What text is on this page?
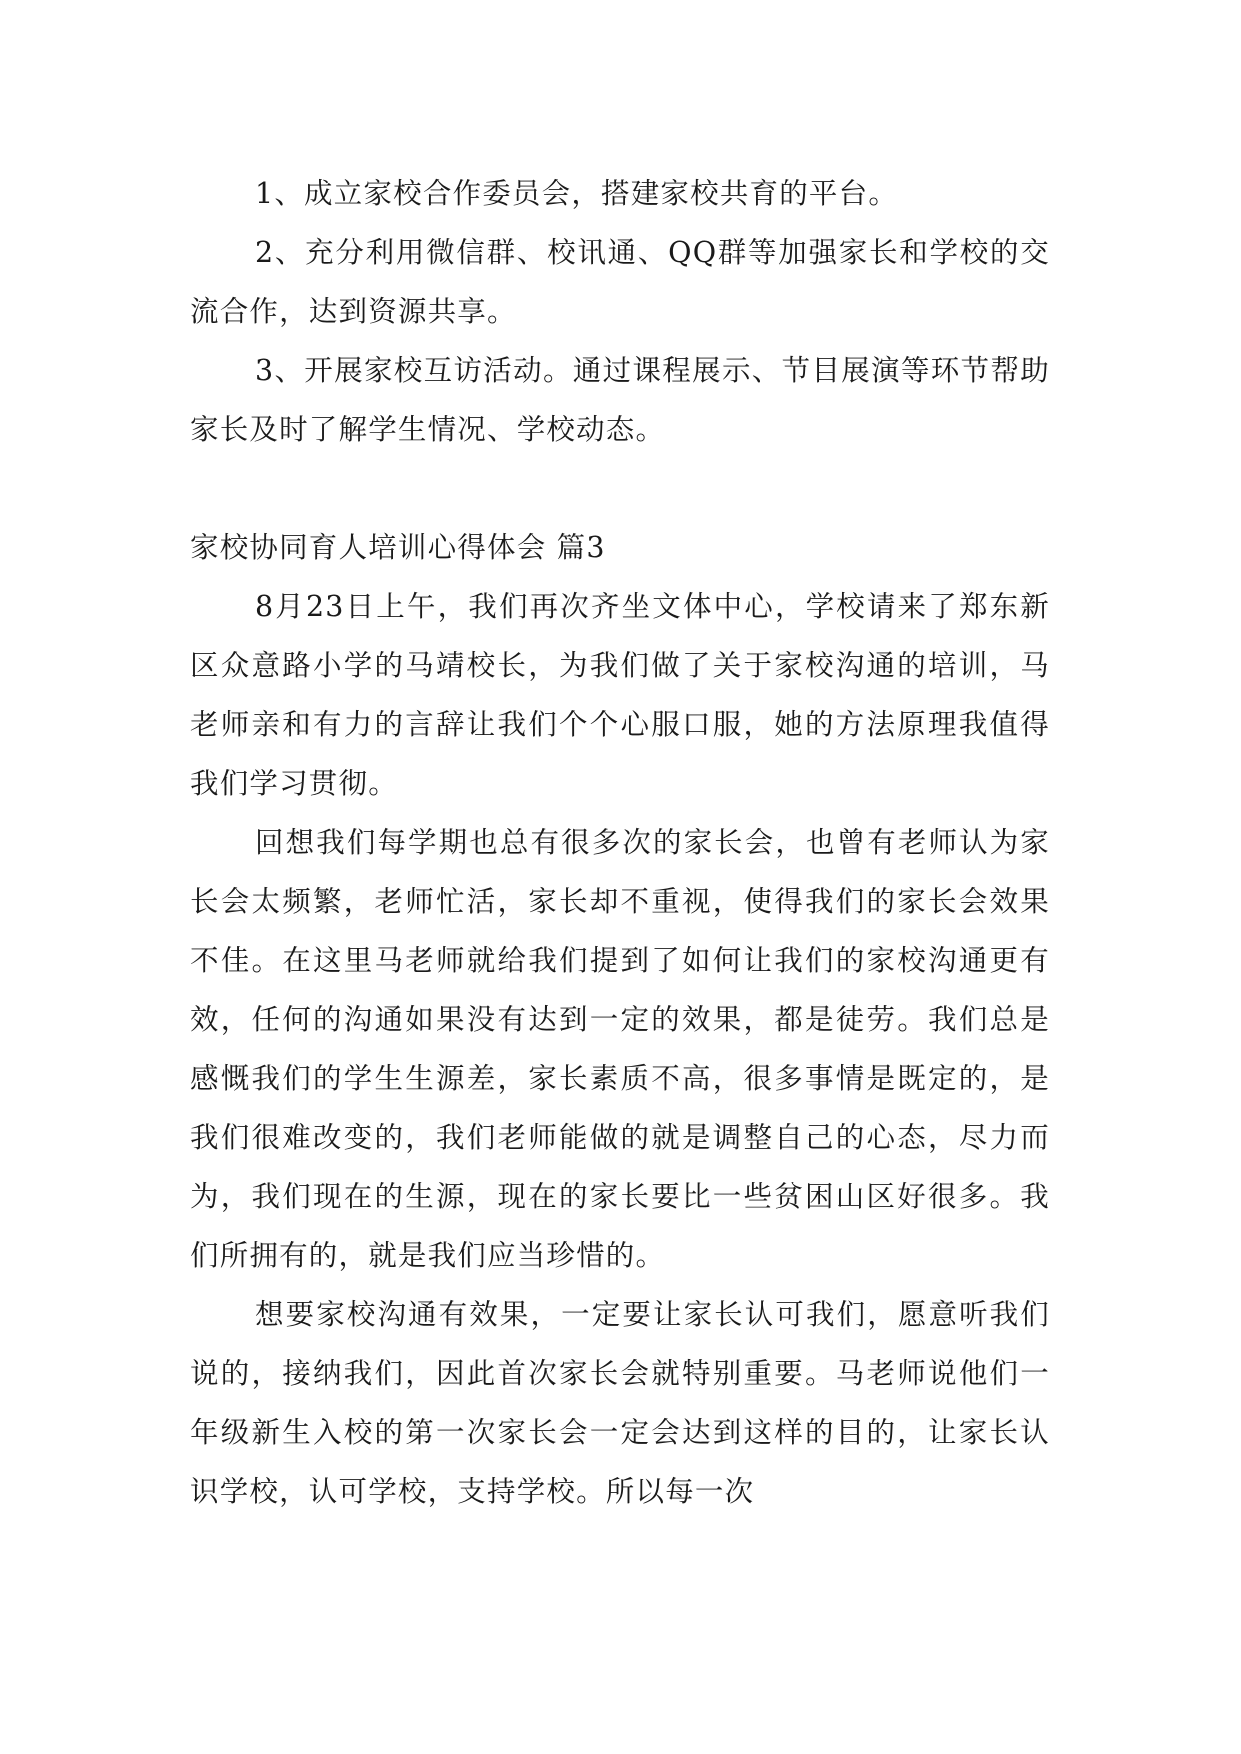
1、成立家校合作委员会，搭建家校共育的平台。

2、充分利用微信群、校讯通、QQ群等加强家长和学校的交流合作，达到资源共享。

3、开展家校互访活动。通过课程展示、节目展演等环节帮助家长及时了解学生情况、学校动态。

家校协同育人培训心得体会 篇3

8月23日上午，我们再次齐坐文体中心，学校请来了郑东新区众意路小学的马靖校长，为我们做了关于家校沟通的培训，马老师亲和有力的言辞让我们个个心服口服，她的方法原理我值得我们学习贯彻。

回想我们每学期也总有很多次的家长会，也曾有老师认为家长会太频繁，老师忙活，家长却不重视，使得我们的家长会效果不佳。在这里马老师就给我们提到了如何让我们的家校沟通更有效，任何的沟通如果没有达到一定的效果，都是徒劳。我们总是感慨我们的学生生源差，家长素质不高，很多事情是既定的，是我们很难改变的，我们老师能做的就是调整自己的心态，尽力而为，我们现在的生源，现在的家长要比一些贫困山区好很多。我们所拥有的，就是我们应当珍惜的。

想要家校沟通有效果，一定要让家长认可我们，愿意听我们说的，接纳我们，因此首次家长会就特别重要。马老师说他们一年级新生入校的第一次家长会一定会达到这样的目的，让家长认识学校，认可学校，支持学校。所以每一次
